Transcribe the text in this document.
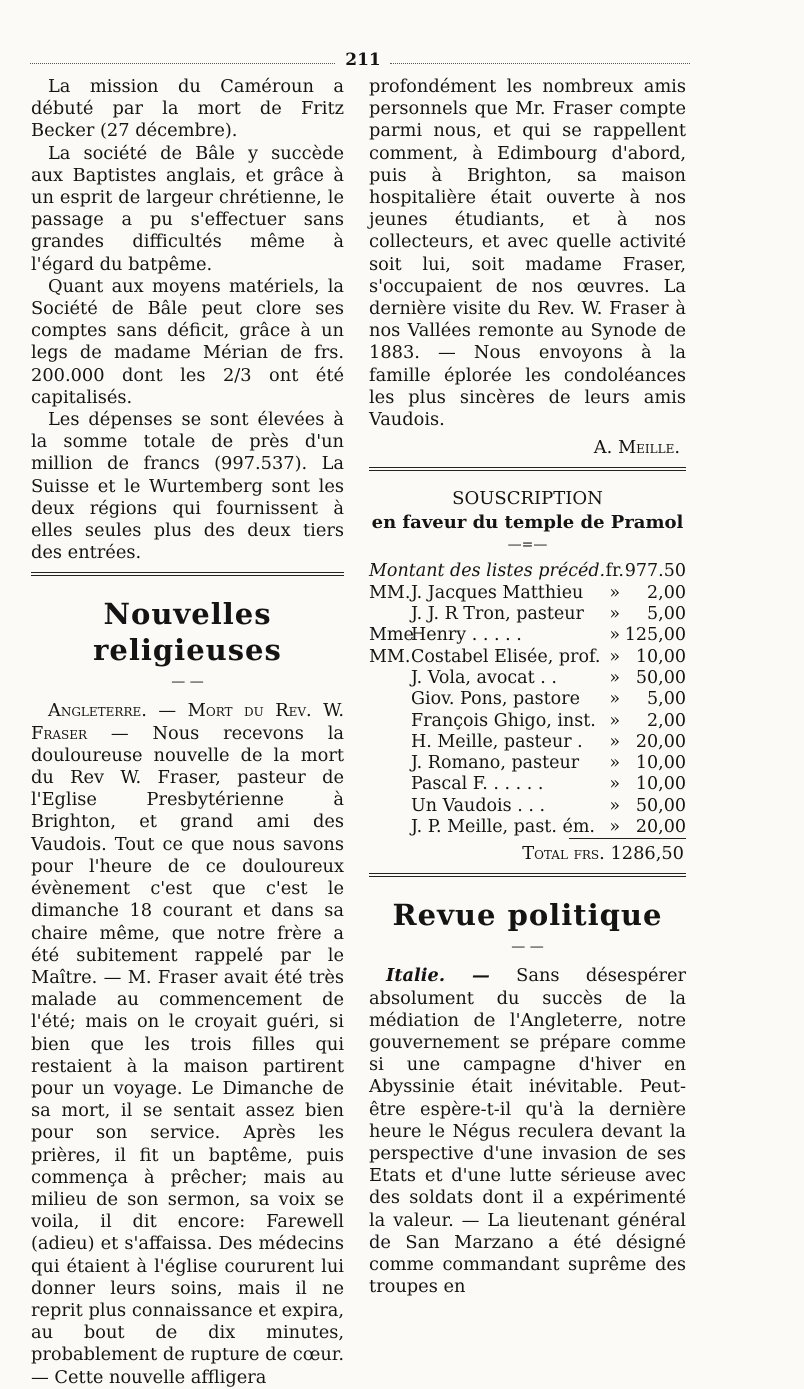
211

La mission du Caméroun a débuté par la mort de Fritz Becker (27 décembre).

La société de Bâle y succède aux Baptistes anglais, et grâce à un esprit de largeur chrétienne, le passage a pu s'effectuer sans grandes difficultés même à l'égard du batpême.

Quant aux moyens matériels, la Société de Bâle peut clore ses comptes sans déficit, grâce à un legs de madame Mérian de frs. 200.000 dont les 2/3 ont été capitalisés.

Les dépenses se sont élevées à la somme totale de près d'un million de francs (997.537). La Suisse et le Wurtemberg sont les deux régions qui fournissent à elles seules plus des deux tiers des entrées.

Nouvelles religieuses
— —

Angleterre. — Mort du Rev. W. Fraser — Nous recevons la douloureuse nouvelle de la mort du Rev W. Fraser, pasteur de l'Eglise Presbytérienne à Brighton, et grand ami des Vaudois. Tout ce que nous savons pour l'heure de ce douloureux évènement c'est que c'est le dimanche 18 courant et dans sa chaire même, que notre frère a été subitement rappelé par le Maître. — M. Fraser avait été très malade au commencement de l'été; mais on le croyait guéri, si bien que les trois filles qui restaient à la maison partirent pour un voyage. Le Dimanche de sa mort, il se sentait assez bien pour son service. Après les prières, il fit un baptême, puis commença à prêcher; mais au milieu de son sermon, sa voix se voila, il dit encore: Farewell (adieu) et s'affaissa. Des médecins qui étaient à l'église coururent lui donner leurs soins, mais il ne reprit plus connaissance et expira, au bout de dix minutes, probablement de rupture de cœur. — Cette nouvelle affligera

profondément les nombreux amis personnels que Mr. Fraser compte parmi nous, et qui se rappellent comment, à Edimbourg d'abord, puis à Brighton, sa maison hospitalière était ouverte à nos jeunes étudiants, et à nos collecteurs, et avec quelle activité soit lui, soit madame Fraser, s'occupaient de nos œuvres. La dernière visite du Rev. W. Fraser à nos Vallées remonte au Synode de 1883. — Nous envoyons à la famille éplorée les condoléances les plus sincères de leurs amis Vaudois.

A. Meille.
SOUSCRIPTION
en faveur du temple de Pramol
—=—
Montant des listes précéd.	fr.	977.50
MM.J. Jacques Matthieu	»	2,00
J. J. R Tron, pasteur	»	5,00
MmeHenry . . . . .	»	125,00
MM.Costabel Elisée, prof.	»	10,00
J. Vola, avocat . .	»	50,00
Giov. Pons, pastore	»	5,00
François Ghigo, inst.	»	2,00
H. Meille, pasteur .	»	20,00
J. Romano, pasteur	»	10,00
Pascal F. . . . . .	»	10,00
Un Vaudois . . .	»	50,00
J. P. Meille, past. ém.	»	20,00
Total frs. 1286,50
Revue politique
— —

Italie. — Sans désespérer absolument du succès de la médiation de l'Angleterre, notre gouvernement se prépare comme si une campagne d'hiver en Abyssinie était inévitable. Peut-être espère-t-il qu'à la dernière heure le Négus reculera devant la perspective d'une invasion de ses Etats et d'une lutte sérieuse avec des soldats dont il a expérimenté la valeur. — La lieutenant général de San Marzano a été désigné comme commandant suprême des troupes en
